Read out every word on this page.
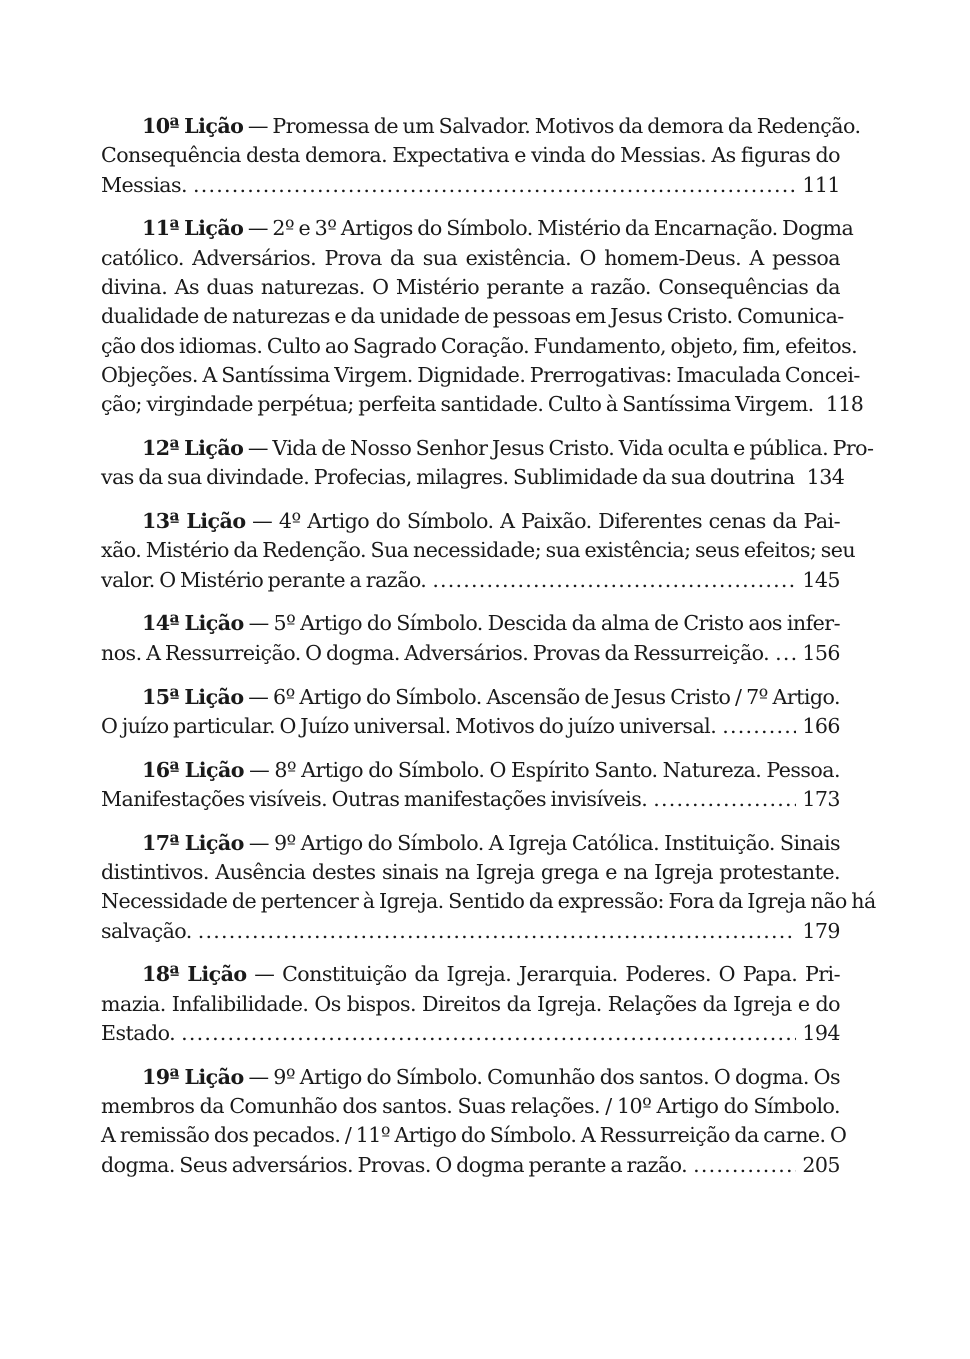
10ª Lição — Promessa de um Salvador. Motivos da demora da Redenção.
Consequência desta demora. Expectativa e vinda do Messias. As figuras do
Messias. .....	111
11ª Lição — 2º e 3º Artigos do Símbolo. Mistério da Encarnação. Dogma
católico. Adversários. Prova da sua existência. O homem-Deus. A pessoa
divina. As duas naturezas. O Mistério perante a razão. Consequências da
dualidade de naturezas e da unidade de pessoas em Jesus Cristo. Comunica-
ção dos idiomas. Culto ao Sagrado Coração. Fundamento, objeto, fim, efeitos.
Objeções. A Santíssima Virgem. Dignidade. Prerrogativas: Imaculada Concei-
ção; virgindade perpétua; perfeita santidade. Culto à Santíssima Virgem. 118
12ª Lição — Vida de Nosso Senhor Jesus Cristo. Vida oculta e pública. Pro-
vas da sua divindade. Profecias, milagres. Sublimidade da sua doutrina 134
13ª Lição — 4º Artigo do Símbolo. A Paixão. Diferentes cenas da Pai-
xão. Mistério da Redenção. Sua necessidade; sua existência; seus efeitos; seu
valor. O Mistério perante a razão. .....	145
14ª Lição — 5º Artigo do Símbolo. Descida da alma de Cristo aos infer-
nos. A Ressurreição. O dogma. Adversários. Provas da Ressurreição. ..... 156
15ª Lição — 6º Artigo do Símbolo. Ascensão de Jesus Cristo / 7º Artigo.
O juízo particular. O Juízo universal. Motivos do juízo universal. .....	166
16ª Lição — 8º Artigo do Símbolo. O Espírito Santo. Natureza. Pessoa.
Manifestações visíveis. Outras manifestações invisíveis. .....	173
17ª Lição — 9º Artigo do Símbolo. A Igreja Católica. Instituição. Sinais
distintivos. Ausência destes sinais na Igreja grega e na Igreja protestante.
Necessidade de pertencer à Igreja. Sentido da expressão: Fora da Igreja não há
salvação. .....	179
18ª Lição — Constituição da Igreja. Jerarquia. Poderes. O Papa. Pri-
mazia. Infalibilidade. Os bispos. Direitos da Igreja. Relações da Igreja e do
Estado. .....	194
19ª Lição — 9º Artigo do Símbolo. Comunhão dos santos. O dogma. Os
membros da Comunhão dos santos. Suas relações. / 10º Artigo do Símbolo.
A remissão dos pecados. / 11º Artigo do Símbolo. A Ressurreição da carne. O
dogma. Seus adversários. Provas. O dogma perante a razão. .....	205
